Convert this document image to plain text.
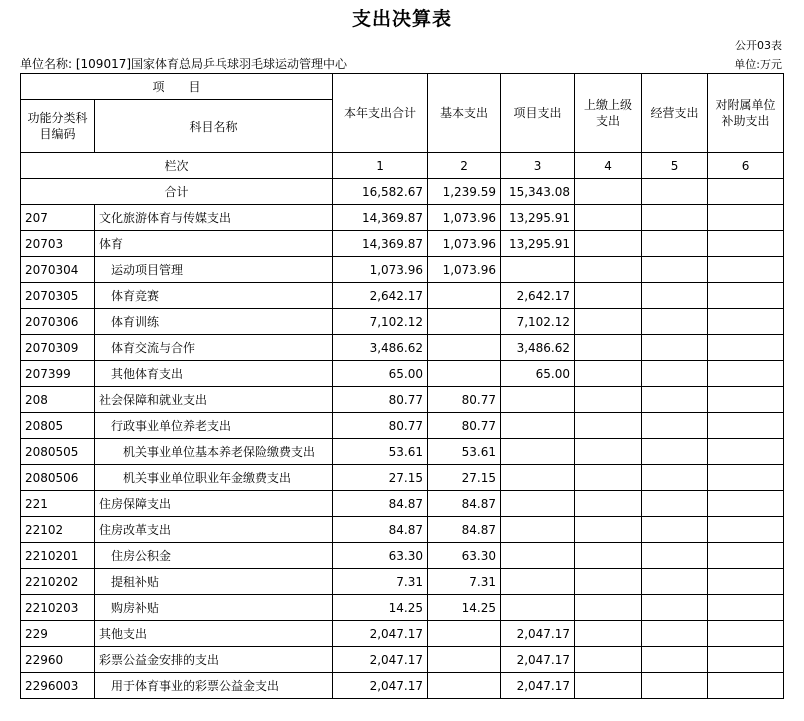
支出决算表
公开03表
单位名称: [109017]国家体育总局乒乓球羽毛球运动管理中心	单位:万元
项　　目		本年支出合计	基本支出	项目支出	上缴上级支出	经营支出	对附属单位补助支出
功能分类科目编码	科目名称						
栏次		1	2	3	4	5	6
合计		16,582.67	1,239.59	15,343.08			
207	文化旅游体育与传媒支出	14,369.87	1,073.96	13,295.91			
20703	体育	14,369.87	1,073.96	13,295.91			
2070304	运动项目管理	1,073.96	1,073.96				
2070305	体育竞赛	2,642.17		2,642.17			
2070306	体育训练	7,102.12		7,102.12			
2070309	体育交流与合作	3,486.62		3,486.62			
207399	其他体育支出	65.00		65.00			
208	社会保障和就业支出	80.77	80.77				
20805	行政事业单位养老支出	80.77	80.77				
2080505	机关事业单位基本养老保险缴费支出	53.61	53.61				
2080506	机关事业单位职业年金缴费支出	27.15	27.15				
221	住房保障支出	84.87	84.87				
22102	住房改革支出	84.87	84.87				
2210201	住房公积金	63.30	63.30				
2210202	提租补贴	7.31	7.31				
2210203	购房补贴	14.25	14.25				
229	其他支出	2,047.17		2,047.17			
22960	彩票公益金安排的支出	2,047.17		2,047.17			
2296003	用于体育事业的彩票公益金支出	2,047.17		2,047.17			
